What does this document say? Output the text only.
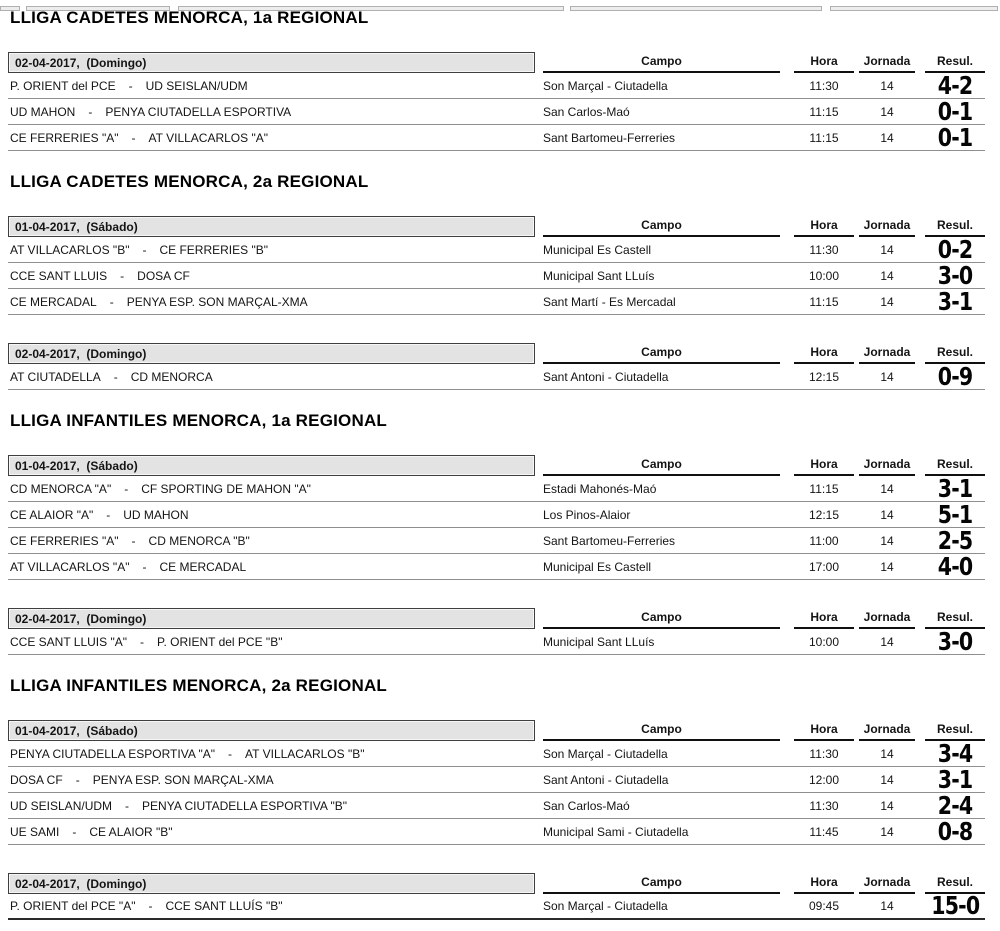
LLIGA CADETES MENORCA, 1a REGIONAL
02-04-2017,  (Domingo)	Campo	Hora	Jornada	Resul.
P. ORIENT del PCE - UD SEISLAN/UDM	Son Marçal - Ciutadella	11:30	14	4-2
UD MAHON - PENYA CIUTADELLA ESPORTIVA	San Carlos-Maó	11:15	14	0-1
CE FERRERIES "A" - AT VILLACARLOS "A"	Sant Bartomeu-Ferreries	11:15	14	0-1
LLIGA CADETES MENORCA, 2a REGIONAL
01-04-2017,  (Sábado)	Campo	Hora	Jornada	Resul.
AT VILLACARLOS "B" - CE FERRERIES "B"	Municipal Es Castell	11:30	14	0-2
CCE SANT LLUIS - DOSA CF	Municipal Sant LLuís	10:00	14	3-0
CE MERCADAL - PENYA ESP. SON MARÇAL-XMA	Sant Martí - Es Mercadal	11:15	14	3-1
02-04-2017,  (Domingo)	Campo	Hora	Jornada	Resul.
AT CIUTADELLA - CD MENORCA	Sant Antoni - Ciutadella	12:15	14	0-9
LLIGA INFANTILES MENORCA, 1a REGIONAL
01-04-2017,  (Sábado)	Campo	Hora	Jornada	Resul.
CD MENORCA "A" - CF SPORTING DE MAHON "A"	Estadi Mahonés-Maó	11:15	14	3-1
CE ALAIOR "A" - UD MAHON	Los Pinos-Alaior	12:15	14	5-1
CE FERRERIES "A" - CD MENORCA "B"	Sant Bartomeu-Ferreries	11:00	14	2-5
AT VILLACARLOS "A" - CE MERCADAL	Municipal Es Castell	17:00	14	4-0
02-04-2017,  (Domingo)	Campo	Hora	Jornada	Resul.
CCE SANT LLUIS "A" - P. ORIENT del PCE "B"	Municipal Sant LLuís	10:00	14	3-0
LLIGA INFANTILES MENORCA, 2a REGIONAL
01-04-2017,  (Sábado)	Campo	Hora	Jornada	Resul.
PENYA CIUTADELLA ESPORTIVA "A" - AT VILLACARLOS "B"	Son Marçal - Ciutadella	11:30	14	3-4
DOSA CF - PENYA ESP. SON MARÇAL-XMA	Sant Antoni - Ciutadella	12:00	14	3-1
UD SEISLAN/UDM - PENYA CIUTADELLA ESPORTIVA "B"	San Carlos-Maó	11:30	14	2-4
UE SAMI - CE ALAIOR "B"	Municipal Sami - Ciutadella	11:45	14	0-8
02-04-2017,  (Domingo)	Campo	Hora	Jornada	Resul.
P. ORIENT del PCE "A" - CCE SANT LLUÍS "B"	Son Marçal - Ciutadella	09:45	14	15-0
